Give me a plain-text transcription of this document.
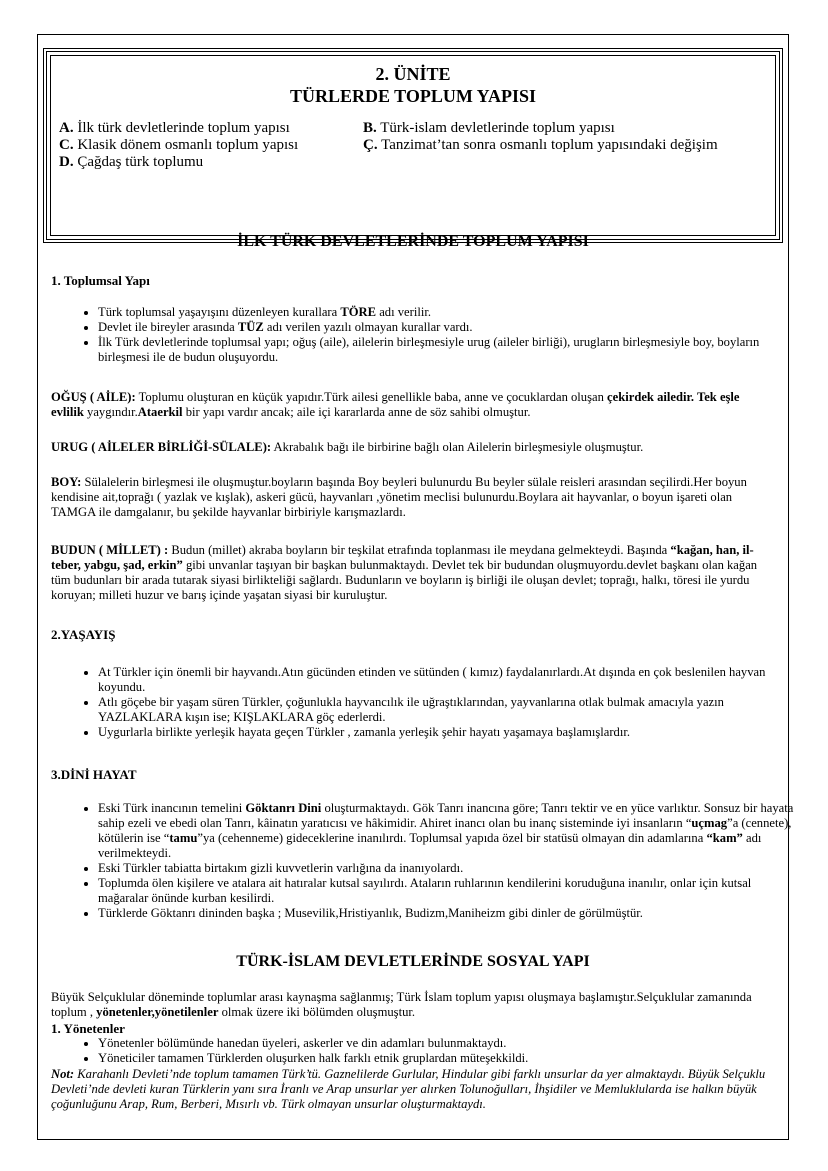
2. ÜNİTE
TÜRLERDE TOPLUM YAPISI
A. İlk türk devletlerinde toplum yapısı	B. Türk-islam devletlerinde toplum yapısı
C. Klasik dönem osmanlı toplum yapısı	Ç. Tanzimat’tan sonra osmanlı toplum yapısındaki değişim
D. Çağdaş türk toplumu
İLK TÜRK DEVLETLERİNDE TOPLUM YAPISI
1. Toplumsal Yapı
• Türk toplumsal yaşayışını düzenleyen kurallara TÖRE adı verilir.
• Devlet ile bireyler arasında TÜZ adı verilen yazılı olmayan kurallar vardı.
• İlk Türk devletlerinde toplumsal yapı; oğuş (aile), ailelerin birleşmesiyle urug (aileler birliği), urugların birleşmesiyle boy, boyların birleşmesi ile de budun oluşuyordu.
OĞUŞ ( AİLE): Toplumu oluşturan en küçük yapıdır.Türk ailesi genellikle baba, anne ve çocuklardan oluşan çekirdek ailedir. Tek eşle evlilik yaygındır.Ataerkil bir yapı vardır ancak; aile içi kararlarda anne de söz sahibi olmuştur.
URUG ( AİLELER BİRLİĞİ-SÜLALE): Akrabalık bağı ile birbirine bağlı olan Ailelerin birleşmesiyle oluşmuştur.
BOY: Sülalelerin birleşmesi ile oluşmuştur.boyların başında Boy beyleri bulunurdu Bu beyler sülale reisleri arasından seçilirdi.Her boyun kendisine ait,toprağı ( yazlak ve kışlak), askeri gücü, hayvanları ,yönetim meclisi bulunurdu.Boylara ait hayvanlar, o boyun işareti olan TAMGA ile damgalanır, bu şekilde hayvanlar birbiriyle karışmazlardı.
BUDUN ( MİLLET) : Budun (millet) akraba boyların bir teşkilat etrafında toplanması ile meydana gelmekteydi. Başında “kağan, han, il-teber, yabgu, şad, erkin” gibi unvanlar taşıyan bir başkan bulunmaktaydı. Devlet tek bir budundan oluşmuyordu.devlet başkanı olan kağan tüm budunları bir arada tutarak siyasi birlikteliği sağlardı. Budunların ve boyların iş birliği ile oluşan devlet; toprağı, halkı, töresi ile yurdu koruyan; milleti huzur ve barış içinde yaşatan siyasi bir kuruluştur.
2.YAŞAYIŞ
• At Türkler için önemli bir hayvandı.Atın gücünden etinden ve sütünden ( kımız) faydalanırlardı.At dışında en çok beslenilen hayvan koyundu.
• Atlı göçebe bir yaşam süren Türkler, çoğunlukla hayvancılık ile uğraştıklarından, yayvanlarına otlak bulmak amacıyla yazın YAZLAKLARA kışın ise; KIŞLAKLARA göç ederlerdi.
• Uygurlarla birlikte yerleşik hayata geçen Türkler , zamanla yerleşik şehir hayatı yaşamaya başlamışlardır.
3.DİNİ HAYAT
• Eski Türk inancının temelini Göktanrı Dini oluşturmaktaydı. Gök Tanrı inancına göre; Tanrı tektir ve en yüce varlıktır. Sonsuz bir hayata sahip ezeli ve ebedi olan Tanrı, kâinatın yaratıcısı ve hâkimidir. Ahiret inancı olan bu inanç sisteminde iyi insanların “uçmag”a (cennete), kötülerin ise “tamu”ya (cehenneme) gideceklerine inanılırdı. Toplumsal yapıda özel bir statüsü olmayan din adamlarına “kam” adı verilmekteydi.
• Eski Türkler tabiatta birtakım gizli kuvvetlerin varlığına da inanıyolardı.
• Toplumda ölen kişilere ve atalara ait hatıralar kutsal sayılırdı. Ataların ruhlarının kendilerini koruduğuna inanılır, onlar için kutsal mağaralar önünde kurban kesilirdi.
• Türklerde Göktanrı dininden başka ; Musevilik,Hristiyanlık, Budizm,Maniheizm gibi dinler de görülmüştür.
TÜRK-İSLAM DEVLETLERİNDE SOSYAL YAPI
Büyük Selçuklular döneminde toplumlar arası kaynaşma sağlanmış; Türk İslam toplum yapısı oluşmaya başlamıştır.Selçuklular zamanında toplum , yönetenler,yönetilenler olmak üzere iki bölümden oluşmuştur.
1. Yönetenler
• Yönetenler bölümünde hanedan üyeleri, askerler ve din adamları bulunmaktaydı.
• Yöneticiler tamamen Türklerden oluşurken halk farklı etnik gruplardan müteşekkildi.
Not: Karahanlı Devleti’nde toplum tamamen Türk’tü. Gaznelilerde Gurlular, Hindular gibi farklı unsurlar da yer almaktaydı. Büyük Selçuklu Devleti’nde devleti kuran Türklerin yanı sıra İranlı ve Arap unsurlar yer alırken Tolunoğulları, İhşidiler ve Memluklularda ise halkın büyük çoğunluğunu Arap, Rum, Berberi, Mısırlı vb. Türk olmayan unsurlar oluşturmaktaydı.
